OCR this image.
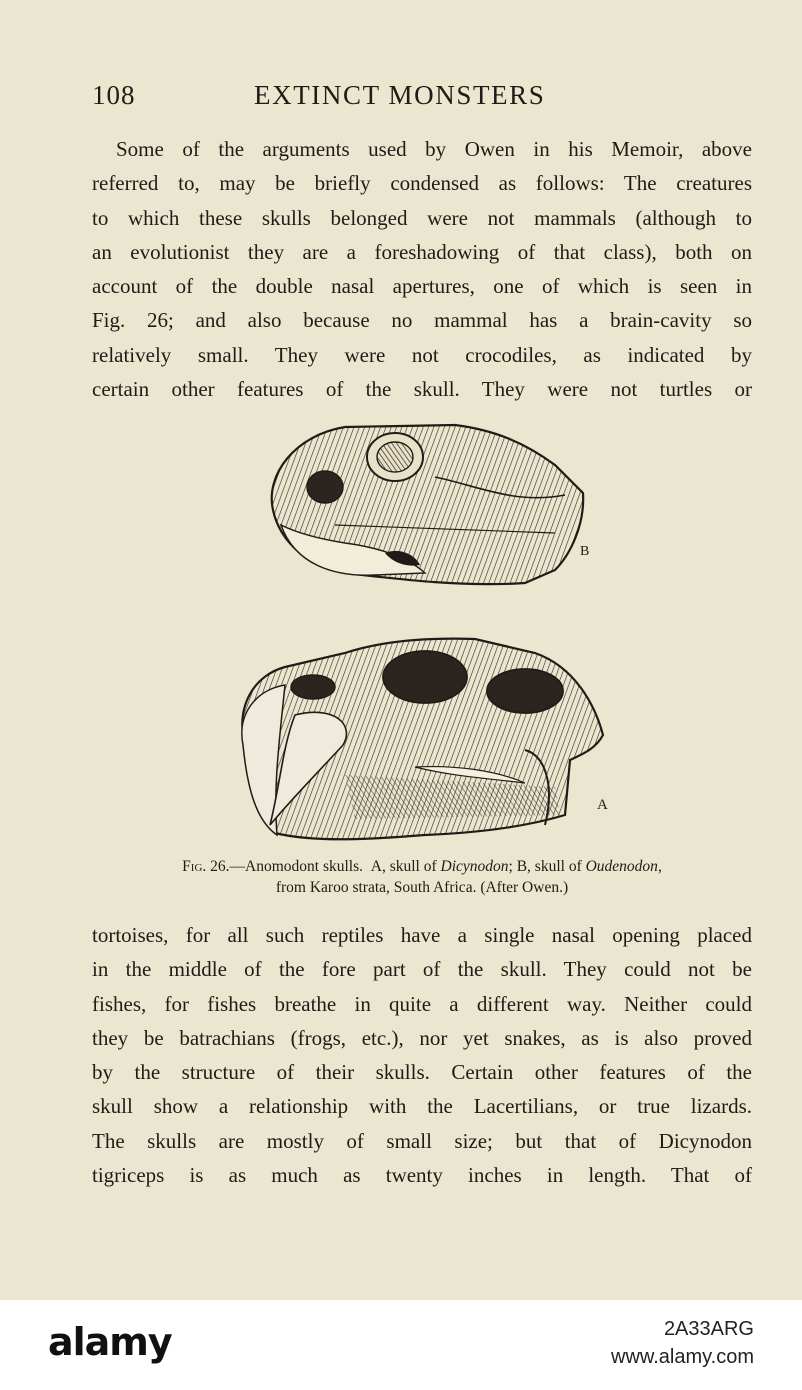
108	EXTINCT MONSTERS
Some of the arguments used by Owen in his Memoir, above
referred to, may be briefly condensed as follows: The creatures
to which these skulls belonged were not mammals (although to
an evolutionist they are a foreshadowing of that class), both on
account of the double nasal apertures, one of which is seen in
Fig. 26; and also because no mammal has a brain-cavity so
relatively small. They were not crocodiles, as indicated by
certain other features of the skull. They were not turtles or
B
A
Fig. 26.—Anomodont skulls. A, skull of Dicynodon; B, skull of Oudenodon,
from Karoo strata, South Africa. (After Owen.)
tortoises, for all such reptiles have a single nasal opening placed
in the middle of the fore part of the skull. They could not be
fishes, for fishes breathe in quite a different way. Neither could
they be batrachians (frogs, etc.), nor yet snakes, as is also proved
by the structure of their skulls. Certain other features of the
skull show a relationship with the Lacertilians, or true lizards.
The skulls are mostly of small size; but that of Dicynodon
tigriceps is as much as twenty inches in length. That of
alamy	2A33ARG
www.alamy.com
